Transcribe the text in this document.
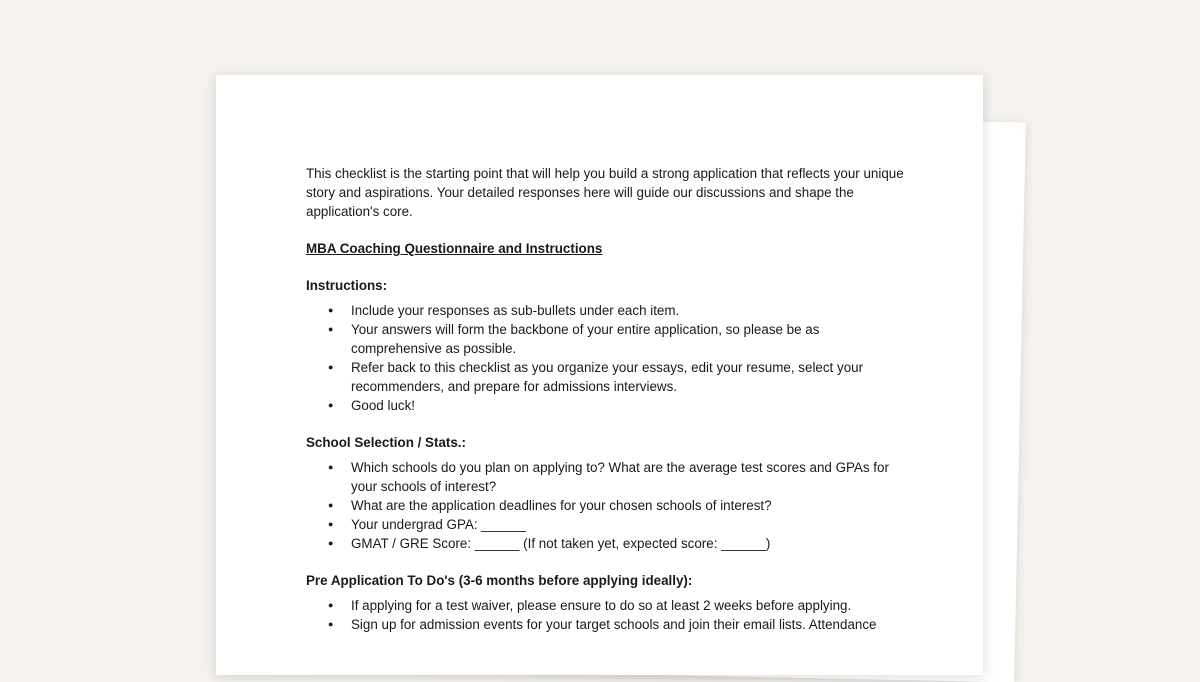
This checklist is the starting point that will help you build a strong application that reflects your unique story and aspirations. Your detailed responses here will guide our discussions and shape the application's core.

MBA Coaching Questionnaire and Instructions

Instructions:

● Include your responses as sub-bullets under each item.
● Your answers will form the backbone of your entire application, so please be as comprehensive as possible.
● Refer back to this checklist as you organize your essays, edit your resume, select your recommenders, and prepare for admissions interviews.
● Good luck!

School Selection / Stats.:

● Which schools do you plan on applying to? What are the average test scores and GPAs for your schools of interest?
● What are the application deadlines for your chosen schools of interest?
● Your undergrad GPA: ______
● GMAT / GRE Score: ______ (If not taken yet, expected score: ______)

Pre Application To Do's (3-6 months before applying ideally):

● If applying for a test waiver, please ensure to do so at least 2 weeks before applying.
● Sign up for admission events for your target schools and join their email lists. Attendance
